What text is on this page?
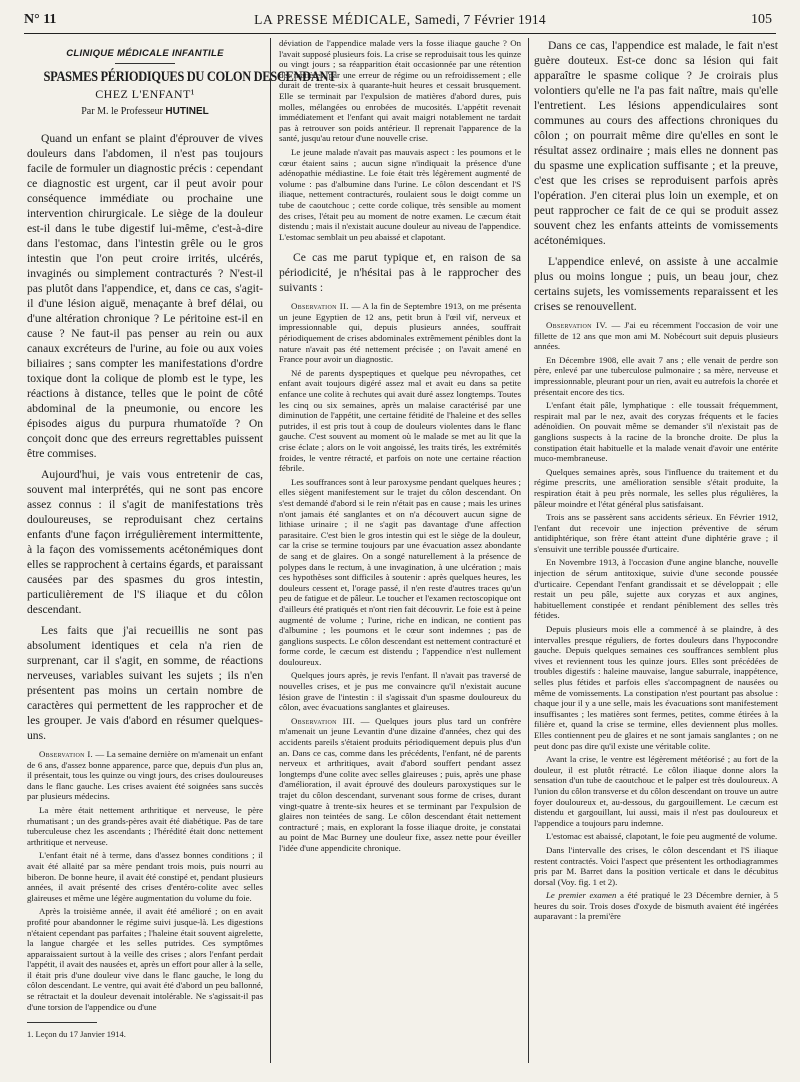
N° 11	LA PRESSE MÉDICALE, Samedi, 7 Février 1914	105
CLINIQUE MÉDICALE INFANTILE
SPASMES PÉRIODIQUES DU COLON DESCENDANT
CHEZ L'ENFANT¹
Par M. le Professeur HUTINEL

Quand un enfant se plaint d'éprouver de vives douleurs dans l'abdomen, il n'est pas toujours facile de formuler un diagnostic précis : cependant ce diagnostic est urgent, car il peut avoir pour conséquence immédiate ou prochaine une intervention chirurgicale. Le siège de la douleur est-il dans le tube digestif lui-même, c'est-à-dire dans l'estomac, dans l'intestin grêle ou le gros intestin que l'on peut croire irrités, ulcérés, invaginés ou simplement contracturés ? N'est-il pas plutôt dans l'appendice, et, dans ce cas, s'agit-il d'une lésion aiguë, menaçante à bref délai, ou d'une altération chronique ? Le péritoine est-il en cause ? Ne faut-il pas penser au rein ou aux canaux excréteurs de l'urine, au foie ou aux voies biliaires ; sans compter les manifestations d'ordre toxique dont la colique de plomb est le type, les réactions à distance, telles que le point de côté abdominal de la pneumonie, ou encore les épisodes aigus du purpura rhumatoïde ? On conçoit donc que des erreurs regrettables puissent être commises.

Aujourd'hui, je vais vous entretenir de cas, souvent mal interprétés, qui ne sont pas encore assez connus : il s'agit de manifestations très douloureuses, se reproduisant chez certains enfants d'une façon irrégulièrement intermittente, à la façon des vomissements acétonémiques dont elles se rapprochent à certains égards, et paraissant causées par des spasmes du gros intestin, particulièrement de l'S iliaque et du côlon descendant.

Les faits que j'ai recueillis ne sont pas absolument identiques et cela n'a rien de surprenant, car il s'agit, en somme, de réactions nerveuses, variables suivant les sujets ; ils n'en présentent pas moins un certain nombre de caractères qui permettent de les rapprocher et de les grouper. Je vais d'abord en résumer quelques-uns.

Observation I. — La semaine dernière on m'amenait un enfant de 6 ans, d'assez bonne apparence, parce que, depuis d'un plus an, il présentait, tous les quinze ou vingt jours, des crises douloureuses dans le flanc gauche. Les crises avaient été soignées sans succès par plusieurs médecins.

La mère était nettement arthritique et nerveuse, le père rhumatisant ; un des grands-pères avait été diabétique. Pas de tare tuberculeuse chez les ascendants ; l'hérédité était donc nettement arthritique et nerveuse.

L'enfant était né à terme, dans d'assez bonnes conditions ; il avait été allaité par sa mère pendant trois mois, puis nourri au biberon. De bonne heure, il avait été constipé et, pendant plusieurs années, il avait présenté des crises d'entéro-colite avec selles glaireuses et même une légère augmentation du volume du foie.

Après la troisième année, il avait été amélioré ; on en avait profité pour abandonner le régime suivi jusque-là. Les digestions n'étaient cependant pas parfaites ; l'haleine était souvent aigrelette, la langue chargée et les selles putrides. Ces symptômes apparaissaient surtout à la veille des crises ; alors l'enfant perdait l'appétit, il avait des nausées et, après un effort pour aller à la selle, il était pris d'une douleur vive dans le flanc gauche, le long du côlon descendant. Le ventre, qui avait été d'abord un peu ballonné, se rétractait et la douleur devenait intolérable. Ne s'agissait-il pas d'une torsion de l'appendice ou d'une

1. Leçon du 17 Janvier 1914.

déviation de l'appendice malade vers la fosse iliaque gauche ? On l'avait supposé plusieurs fois. La crise se reproduisait tous les quinze ou vingt jours ; sa réapparition était occasionnée par une rétention des matières, par une erreur de régime ou un refroidissement ; elle durait de trente-six à quarante-huit heures et cessait brusquement. Elle se terminait par l'expulsion de matières d'abord dures, puis molles, mélangées ou enrobées de mucosités. L'appétit revenait immédiatement et l'enfant qui avait maigri notablement ne tardait pas à retrouver son poids antérieur. Il reprenait l'apparence de la santé, jusqu'au retour d'une nouvelle crise.

Le jeune malade n'avait pas mauvais aspect : les poumons et le cœur étaient sains ; aucun signe n'indiquait la présence d'une adénopathie médiastine. Le foie était très légèrement augmenté de volume : pas d'albumine dans l'urine. Le côlon descendant et l'S iliaque, nettement contracturés, roulaient sous le doigt comme un tube de caoutchouc ; cette corde colique, très sensible au moment des crises, l'était peu au moment de notre examen. Le cæcum était distendu ; mais il n'existait aucune douleur au niveau de l'appendice. L'estomac semblait un peu abaissé et clapotant.

Ce cas me parut typique et, en raison de sa périodicité, je n'hésitai pas à le rapprocher des suivants :

Observation II. — A la fin de Septembre 1913, on me présenta un jeune Egyptien de 12 ans, petit brun à l'œil vif, nerveux et impressionnable qui, depuis plusieurs années, souffrait périodiquement de crises abdominales extrêmement pénibles dont la nature n'avait pas été nettement précisée ; on l'avait amené en France pour avoir un diagnostic.

Né de parents dyspeptiques et quelque peu névropathes, cet enfant avait toujours digéré assez mal et avait eu dans sa petite enfance une colite à rechutes qui avait duré assez longtemps. Toutes les cinq ou six semaines, après un malaise caractérisé par une diminution de l'appétit, une certaine fétidité de l'haleine et des selles putrides, il est pris tout à coup de douleurs violentes dans le flanc gauche. C'est souvent au moment où le malade se met au lit que la crise éclate ; alors on le voit angoissé, les traits tirés, les extrémités froides, le ventre rétracté, et parfois on note une certaine réaction fébrile.

Les souffrances sont à leur paroxysme pendant quelques heures ; elles siègent manifestement sur le trajet du côlon descendant. On s'est demandé d'abord si le rein n'était pas en cause ; mais les urines n'ont jamais été sanglantes et on n'a découvert aucun signe de lithiase urinaire ; il ne s'agit pas davantage d'une affection parasitaire. C'est bien le gros intestin qui est le siège de la douleur, car la crise se termine toujours par une évacuation assez abondante de sang et de glaires. On a songé naturellement à la présence de polypes dans le rectum, à une invagination, à une ulcération ; mais ces hypothèses sont difficiles à soutenir : après quelques heures, les douleurs cessent et, l'orage passé, il n'en reste d'autres traces qu'un peu de fatigue et de pâleur. Le toucher et l'examen rectoscopique ont d'ailleurs été pratiqués et n'ont rien fait découvrir. Le foie est à peine augmenté de volume ; l'urine, riche en indican, ne contient pas d'albumine ; les poumons et le cœur sont indemnes ; pas de ganglions suspects. Le côlon descendant est nettement contracturé et forme corde, le cæcum est distendu ; l'appendice n'est nullement douloureux.

Quelques jours après, je revis l'enfant. Il n'avait pas traversé de nouvelles crises, et je pus me convaincre qu'il n'existait aucune lésion grave de l'intestin : il s'agissait d'un spasme douloureux du côlon, avec évacuations sanglantes et glaireuses.

Observation III. — Quelques jours plus tard un confrère m'amenait un jeune Levantin d'une dizaine d'années, chez qui des accidents pareils s'étaient produits périodiquement depuis plus d'un an. Dans ce cas, comme dans les précédents, l'enfant, né de parents nerveux et arthritiques, avait d'abord souffert pendant assez longtemps d'une colite avec selles glaireuses ; puis, après une phase d'amélioration, il avait éprouvé des douleurs paroxystiques sur le trajet du côlon descendant, survenant sous forme de crises, durant vingt-quatre à trente-six heures et se terminant par l'expulsion de glaires non teintées de sang. Le côlon descendant était nettement contracturé ; mais, en explorant la fosse iliaque droite, je constatai au point de Mac Burney une douleur fixe, assez nette pour éveiller l'idée d'une appendicite chronique.

Dans ce cas, l'appendice est malade, le fait n'est guère douteux. Est-ce donc sa lésion qui fait apparaître le spasme colique ? Je croirais plus volontiers qu'elle ne l'a pas fait naître, mais qu'elle l'entretient. Les lésions appendiculaires sont communes au cours des affections chroniques du côlon ; on pourrait même dire qu'elles en sont le résultat assez ordinaire ; mais elles ne donnent pas du spasme une explication suffisante ; et la preuve, c'est que les crises se reproduisent parfois après l'opération. J'en citerai plus loin un exemple, et on peut rapprocher ce fait de ce qui se produit assez souvent chez les enfants atteints de vomissements acétonémiques.

L'appendice enlevé, on assiste à une accalmie plus ou moins longue ; puis, un beau jour, chez certains sujets, les vomissements reparaissent et les crises se renouvellent.

Observation IV. — J'ai eu récemment l'occasion de voir une fillette de 12 ans que mon ami M. Nobécourt suit depuis plusieurs années.

En Décembre 1908, elle avait 7 ans ; elle venait de perdre son père, enlevé par une tuberculose pulmonaire ; sa mère, nerveuse et impressionnable, pleurant pour un rien, avait eu autrefois la chorée et présentait encore des tics.

L'enfant était pâle, lymphatique : elle toussait fréquemment, respirait mal par le nez, avait des coryzas fréquents et le facies adénoïdien. On pouvait même se demander s'il n'existait pas de ganglions suspects à la racine de la bronche droite. De plus la constipation était habituelle et la malade venait d'avoir une entérite muco-membraneuse.

Quelques semaines après, sous l'influence du traitement et du régime prescrits, une amélioration sensible s'était produite, la respiration était à peu près normale, les selles plus régulières, la pâleur moindre et l'état général plus satisfaisant.

Trois ans se passèrent sans accidents sérieux. En Février 1912, l'enfant dut recevoir une injection préventive de sérum antidiphtérique, son frère étant atteint d'une diphtérie grave ; il s'ensuivit une terrible poussée d'urticaire.

En Novembre 1913, à l'occasion d'une angine blanche, nouvelle injection de sérum antitoxique, suivie d'une seconde poussée d'urticaire. Cependant l'enfant grandissait et se développait ; elle restait un peu pâle, sujette aux coryzas et aux angines, habituellement constipée et rendant péniblement des selles très fétides.

Depuis plusieurs mois elle a commencé à se plaindre, à des intervalles presque réguliers, de fortes douleurs dans l'hypocondre gauche. Depuis quelques semaines ces souffrances semblent plus vives et reviennent tous les quinze jours. Elles sont précédées de troubles digestifs : haleine mauvaise, langue saburrale, inappétence, selles plus fétides et parfois elles s'accompagnent de nausées ou même de vomissements. La constipation n'est pourtant pas absolue : chaque jour il y a une selle, mais les évacuations sont manifestement insuffisantes ; les matières sont fermes, petites, comme étirées à la filière et, quand la crise se termine, elles deviennent plus molles. Elles contiennent peu de glaires et ne sont jamais sanglantes ; on ne peut donc pas dire qu'il existe une véritable colite.

Avant la crise, le ventre est légèrement météorisé ; au fort de la douleur, il est plutôt rétracté. Le côlon iliaque donne alors la sensation d'un tube de caoutchouc et le palper est très douloureux. A l'union du côlon transverse et du côlon descendant on trouve un autre foyer douloureux et, au-dessous, du gargouillement. Le cæcum est distendu et gargouillant, lui aussi, mais il n'est pas douloureux et l'appendice a toujours paru indemne.

L'estomac est abaissé, clapotant, le foie peu augmenté de volume.

Dans l'intervalle des crises, le côlon descendant et l'S iliaque restent contractés. Voici l'aspect que présentent les orthodiagrammes pris par M. Barret dans la position verticale et dans le décubitus dorsal (Voy. fig. 1 et 2).

Le premier examen a été pratiqué le 23 Décembre dernier, à 5 heures du soir. Trois doses d'oxyde de bismuth avaient été ingérées auparavant : la premi'ère
